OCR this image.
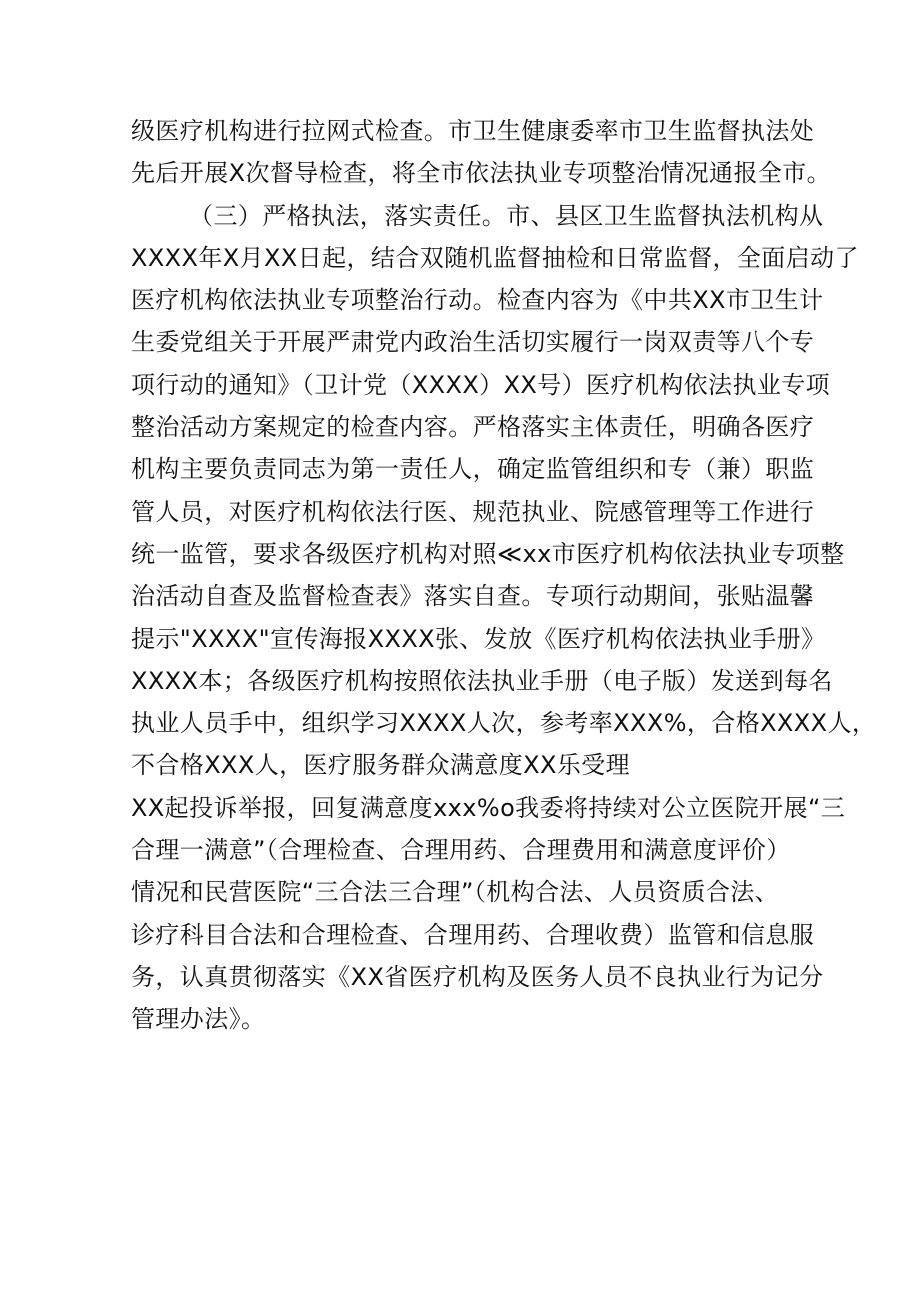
级医疗机构进行拉网式检查。市卫生健康委率市卫生监督执法处
先后开展X次督导检查，将全市依法执业专项整治情况通报全市。
（三）严格执法，落实责任。市、县区卫生监督执法机构从
XXXX年X月XX日起，结合双随机监督抽检和日常监督，全面启动了
医疗机构依法执业专项整治行动。检查内容为《中共XX市卫生计
生委党组关于开展严肃党内政治生活切实履行一岗双责等八个专
项行动的通知》（卫计党（XXXX）XX号）医疗机构依法执业专项
整治活动方案规定的检查内容。严格落实主体责任，明确各医疗
机构主要负责同志为第一责任人，确定监管组织和专（兼）职监
管人员，对医疗机构依法行医、规范执业、院感管理等工作进行
统一监管，要求各级医疗机构对照≪xx市医疗机构依法执业专项整
治活动自查及监督检查表》落实自查。专项行动期间，张贴温馨
提示"XXXX"宣传海报XXXX张、发放《医疗机构依法执业手册》
XXXX本；各级医疗机构按照依法执业手册（电子版）发送到每名
执业人员手中，组织学习XXXX人次，参考率XXX%，合格XXXX人，
不合格XXX人，医疗服务群众满意度XX乐受理
XX起投诉举报，回复满意度xxx%o我委将持续对公立医院开展“三
合理一满意”（合理检查、合理用药、合理费用和满意度评价）
情况和民营医院“三合法三合理”（机构合法、人员资质合法、
诊疗科目合法和合理检查、合理用药、合理收费）监管和信息服
务，认真贯彻落实《XX省医疗机构及医务人员不良执业行为记分
管理办法》。
